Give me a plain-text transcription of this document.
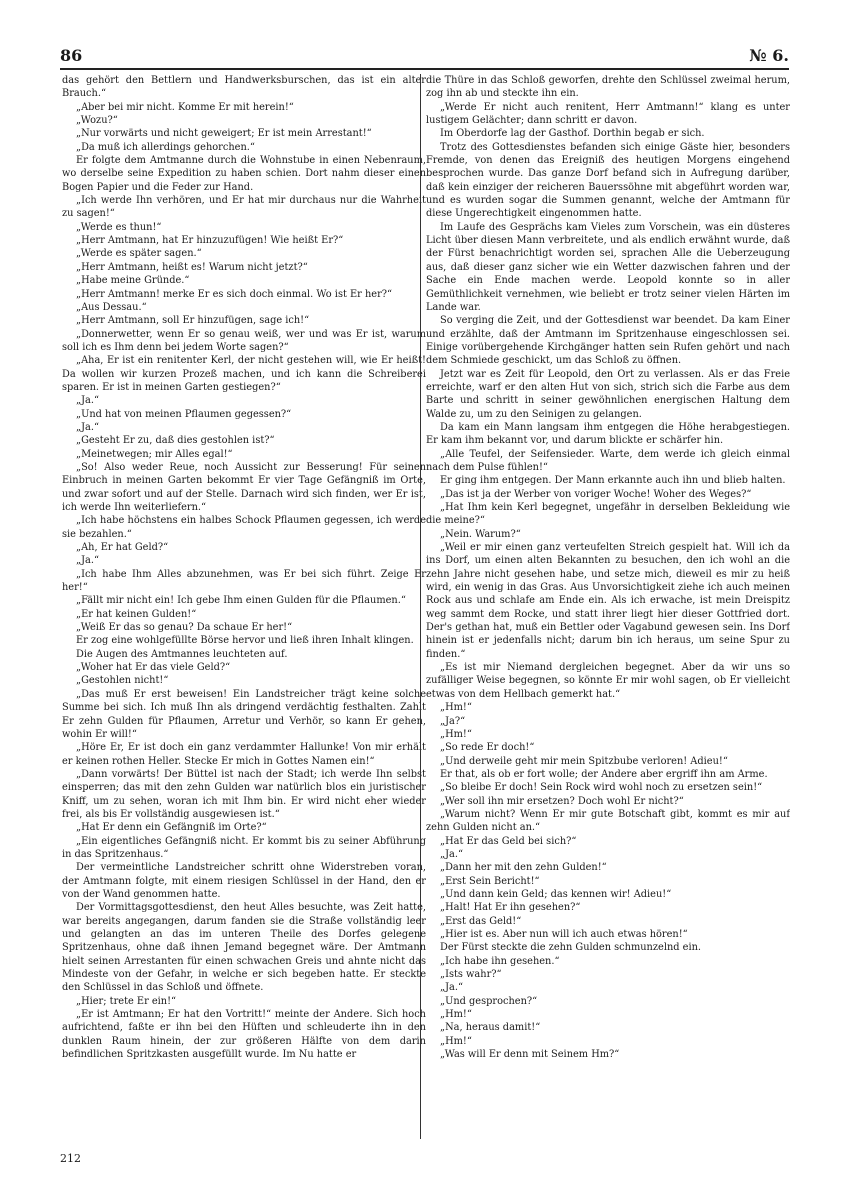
86	№ 6.

das gehört den Bettlern und Handwerksburschen, das ist ein alter Brauch.“

„Aber bei mir nicht. Komme Er mit herein!“

„Wozu?“

„Nur vorwärts und nicht geweigert; Er ist mein Arrestant!“

„Da muß ich allerdings gehorchen.“

Er folgte dem Amtmanne durch die Wohnstube in einen Nebenraum, wo derselbe seine Expedition zu haben schien. Dort nahm dieser einen Bogen Papier und die Feder zur Hand.

„Ich werde Ihn verhören, und Er hat mir durchaus nur die Wahrheit zu sagen!“

„Werde es thun!“

„Herr Amtmann, hat Er hinzuzufügen! Wie heißt Er?“

„Werde es später sagen.“

„Herr Amtmann, heißt es! Warum nicht jetzt?“

„Habe meine Gründe.“

„Herr Amtmann! merke Er es sich doch einmal. Wo ist Er her?“

„Aus Dessau.“

„Herr Amtmann, soll Er hinzufügen, sage ich!“

„Donnerwetter, wenn Er so genau weiß, wer und was Er ist, warum soll ich es Ihm denn bei jedem Worte sagen?“

„Aha, Er ist ein renitenter Kerl, der nicht gestehen will, wie Er heißt! Da wollen wir kurzen Prozeß machen, und ich kann die Schreiberei sparen. Er ist in meinen Garten gestiegen?“

„Ja.“

„Und hat von meinen Pflaumen gegessen?“

„Ja.“

„Gesteht Er zu, daß dies gestohlen ist?“

„Meinetwegen; mir Alles egal!“

„So! Also weder Reue, noch Aussicht zur Besserung! Für seinen Einbruch in meinen Garten bekommt Er vier Tage Gefängniß im Orte, und zwar sofort und auf der Stelle. Darnach wird sich finden, wer Er ist, ich werde Ihn weiterliefern.“

„Ich habe höchstens ein halbes Schock Pflaumen gegessen, ich werde sie bezahlen.“

„Ah, Er hat Geld?“

„Ja.“

„Ich habe Ihm Alles abzunehmen, was Er bei sich führt. Zeige Er her!“

„Fällt mir nicht ein! Ich gebe Ihm einen Gulden für die Pflaumen.“

„Er hat keinen Gulden!“

„Weiß Er das so genau? Da schaue Er her!“

Er zog eine wohlgefüllte Börse hervor und ließ ihren Inhalt klingen.

Die Augen des Amtmannes leuchteten auf.

„Woher hat Er das viele Geld?“

„Gestohlen nicht!“

„Das muß Er erst beweisen! Ein Landstreicher trägt keine solche Summe bei sich. Ich muß Ihn als dringend verdächtig festhalten. Zahlt Er zehn Gulden für Pflaumen, Arretur und Verhör, so kann Er gehen, wohin Er will!“

„Höre Er, Er ist doch ein ganz verdammter Hallunke! Von mir erhält er keinen rothen Heller. Stecke Er mich in Gottes Namen ein!“

„Dann vorwärts! Der Büttel ist nach der Stadt; ich werde Ihn selbst einsperren; das mit den zehn Gulden war natürlich blos ein juristischer Kniff, um zu sehen, woran ich mit Ihm bin. Er wird nicht eher wieder frei, als bis Er vollständig ausgewiesen ist.“

„Hat Er denn ein Gefängniß im Orte?“

„Ein eigentliches Gefängniß nicht. Er kommt bis zu seiner Abführung in das Spritzenhaus.“

Der vermeintliche Landstreicher schritt ohne Widerstreben voran, der Amtmann folgte, mit einem riesigen Schlüssel in der Hand, den er von der Wand genommen hatte.

Der Vormittagsgottesdienst, den heut Alles besuchte, was Zeit hatte, war bereits angegangen, darum fanden sie die Straße vollständig leer und gelangten an das im unteren Theile des Dorfes gelegene Spritzenhaus, ohne daß ihnen Jemand begegnet wäre. Der Amtmann hielt seinen Arrestanten für einen schwachen Greis und ahnte nicht das Mindeste von der Gefahr, in welche er sich begeben hatte. Er steckte den Schlüssel in das Schloß und öffnete.

„Hier; trete Er ein!“

„Er ist Amtmann; Er hat den Vortritt!“ meinte der Andere. Sich hoch aufrichtend, faßte er ihn bei den Hüften und schleuderte ihn in den dunklen Raum hinein, der zur größeren Hälfte von dem darin befindlichen Spritzkasten ausgefüllt wurde. Im Nu hatte er

die Thüre in das Schloß geworfen, drehte den Schlüssel zweimal herum, zog ihn ab und steckte ihn ein.

„Werde Er nicht auch renitent, Herr Amtmann!“ klang es unter lustigem Gelächter; dann schritt er davon.

Im Oberdorfe lag der Gasthof. Dorthin begab er sich.

Trotz des Gottesdienstes befanden sich einige Gäste hier, besonders Fremde, von denen das Ereigniß des heutigen Morgens eingehend besprochen wurde. Das ganze Dorf befand sich in Aufregung darüber, daß kein einziger der reicheren Bauerssöhne mit abgeführt worden war, und es wurden sogar die Summen genannt, welche der Amtmann für diese Ungerechtigkeit eingenommen hatte.

Im Laufe des Gesprächs kam Vieles zum Vorschein, was ein düsteres Licht über diesen Mann verbreitete, und als endlich erwähnt wurde, daß der Fürst benachrichtigt worden sei, sprachen Alle die Ueberzeugung aus, daß dieser ganz sicher wie ein Wetter dazwischen fahren und der Sache ein Ende machen werde. Leopold konnte so in aller Gemüthlichkeit vernehmen, wie beliebt er trotz seiner vielen Härten im Lande war.

So verging die Zeit, und der Gottesdienst war beendet. Da kam Einer und erzählte, daß der Amtmann im Spritzenhause eingeschlossen sei. Einige vorübergehende Kirchgänger hatten sein Rufen gehört und nach dem Schmiede geschickt, um das Schloß zu öffnen.

Jetzt war es Zeit für Leopold, den Ort zu verlassen. Als er das Freie erreichte, warf er den alten Hut von sich, strich sich die Farbe aus dem Barte und schritt in seiner gewöhnlichen energischen Haltung dem Walde zu, um zu den Seinigen zu gelangen.

Da kam ein Mann langsam ihm entgegen die Höhe herabgestiegen. Er kam ihm bekannt vor, und darum blickte er schärfer hin.

„Alle Teufel, der Seifensieder. Warte, dem werde ich gleich einmal nach dem Pulse fühlen!“

Er ging ihm entgegen. Der Mann erkannte auch ihn und blieb halten.

„Das ist ja der Werber von voriger Woche! Woher des Weges?“

„Hat Ihm kein Kerl begegnet, ungefähr in derselben Bekleidung wie die meine?“

„Nein. Warum?“

„Weil er mir einen ganz verteufelten Streich gespielt hat. Will ich da ins Dorf, um einen alten Bekannten zu besuchen, den ich wohl an die zehn Jahre nicht gesehen habe, und setze mich, dieweil es mir zu heiß wird, ein wenig in das Gras. Aus Unvorsichtigkeit ziehe ich auch meinen Rock aus und schlafe am Ende ein. Als ich erwache, ist mein Dreispitz weg sammt dem Rocke, und statt ihrer liegt hier dieser Gottfried dort. Der's gethan hat, muß ein Bettler oder Vagabund gewesen sein. Ins Dorf hinein ist er jedenfalls nicht; darum bin ich heraus, um seine Spur zu finden.“

„Es ist mir Niemand dergleichen begegnet. Aber da wir uns so zufälliger Weise begegnen, so könnte Er mir wohl sagen, ob Er vielleicht etwas von dem Hellbach gemerkt hat.“

„Hm!“

„Ja?“

„Hm!“

„So rede Er doch!“

„Und derweile geht mir mein Spitzbube verloren! Adieu!“

Er that, als ob er fort wolle; der Andere aber ergriff ihn am Arme.

„So bleibe Er doch! Sein Rock wird wohl noch zu ersetzen sein!“

„Wer soll ihn mir ersetzen? Doch wohl Er nicht?“

„Warum nicht? Wenn Er mir gute Botschaft gibt, kommt es mir auf zehn Gulden nicht an.“

„Hat Er das Geld bei sich?“

„Ja.“

„Dann her mit den zehn Gulden!“

„Erst Sein Bericht!“

„Und dann kein Geld; das kennen wir! Adieu!“

„Halt! Hat Er ihn gesehen?“

„Erst das Geld!“

„Hier ist es. Aber nun will ich auch etwas hören!“

Der Fürst steckte die zehn Gulden schmunzelnd ein.

„Ich habe ihn gesehen.“

„Ists wahr?“

„Ja.“

„Und gesprochen?“

„Hm!“

„Na, heraus damit!“

„Hm!“

„Was will Er denn mit Seinem Hm?“

212
